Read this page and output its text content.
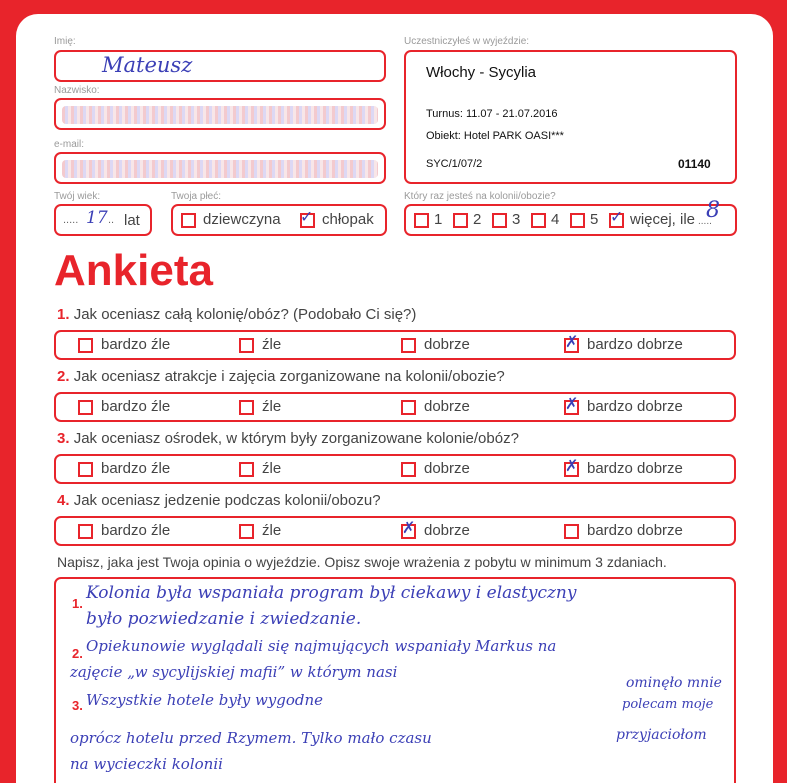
Imię:
Mateusz
Nazwisko:
e-mail:
Uczestniczyłeś w wyjeździe:
Włochy - Sycylia
Turnus: 11.07 - 21.07.2016
Obiekt: Hotel PARK OASI***
SYC/1/07/2	01140
Twój wiek:
..... 17 .. lat
Twoja płeć:
dziewczyna ✓ chłopak
Który raz jesteś na kolonii/obozie?
1 2 3 4 5 ✓ więcej, ile .....
8
Ankieta
1. Jak oceniasz całą kolonię/obóz? (Podobało Ci się?)
bardzo źle	źle	dobrze	✗ bardzo dobrze
2. Jak oceniasz atrakcje i zajęcia zorganizowane na kolonii/obozie?
bardzo źle	źle	dobrze	✗ bardzo dobrze
3. Jak oceniasz ośrodek, w którym były zorganizowane kolonie/obóz?
bardzo źle	źle	dobrze	✗ bardzo dobrze
4. Jak oceniasz jedzenie podczas kolonii/obozu?
bardzo źle	źle	✗ dobrze	bardzo dobrze
Napisz, jaka jest Twoja opinia o wyjeździe. Opisz swoje wrażenia z pobytu w minimum 3 zdaniach.
1.
2.
3.
Kolonia była wspaniała program był ciekawy i elastyczny
było pozwiedzanie i zwiedzanie.
Opiekunowie wyglądali się najmujących wspaniały Markus na
zajęcie „w sycylijskiej mafii” w którym nasi
Wszystkie hotele były wygodne
oprócz hotelu przed Rzymem. Tylko mało czasu
na wycieczki kolonii
ominęło mnie
polecam moje
przyjaciołom
